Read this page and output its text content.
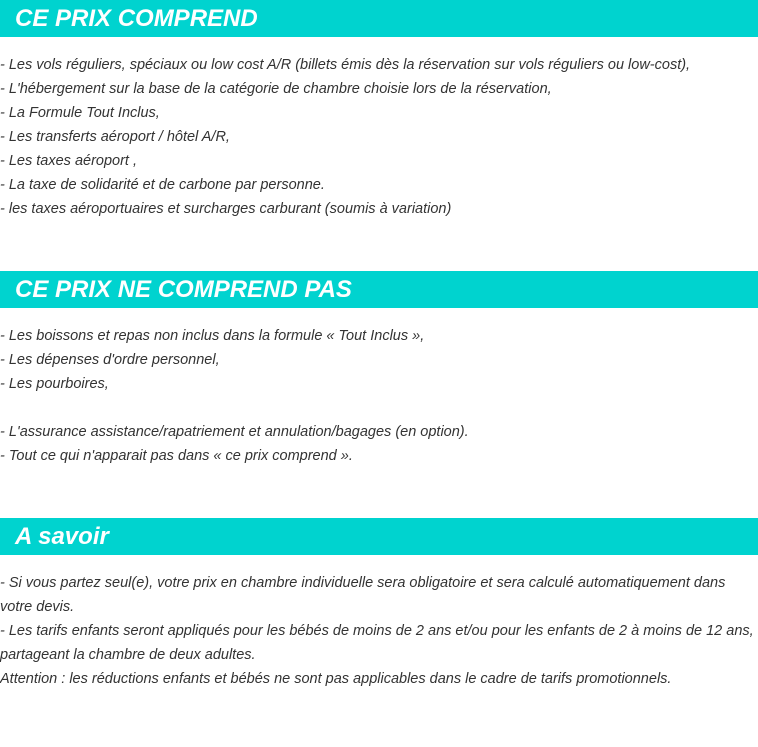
CE PRIX COMPREND
- Les vols réguliers, spéciaux ou low cost A/R (billets émis dès la réservation sur vols réguliers ou low-cost),
- L'hébergement sur la base de la catégorie de chambre choisie lors de la réservation,
- La Formule Tout Inclus,
- Les transferts aéroport / hôtel A/R,
- Les taxes aéroport ,
- La taxe de solidarité et de carbone par personne.
- les taxes aéroportuaires et surcharges carburant (soumis à variation)
CE PRIX NE COMPREND PAS
- Les boissons et repas non inclus dans la formule « Tout Inclus »,
- Les dépenses d'ordre personnel,
- Les pourboires,
- L'assurance assistance/rapatriement et annulation/bagages (en option).
- Tout ce qui n'apparait pas dans « ce prix comprend ».
A savoir
- Si vous partez seul(e), votre prix en chambre individuelle sera obligatoire et sera calculé automatiquement dans votre devis.
- Les tarifs enfants seront appliqués pour les bébés de moins de 2 ans et/ou pour les enfants de 2 à moins de 12 ans, partageant la chambre de deux adultes.
Attention : les réductions enfants et bébés ne sont pas applicables dans le cadre de tarifs promotionnels.
